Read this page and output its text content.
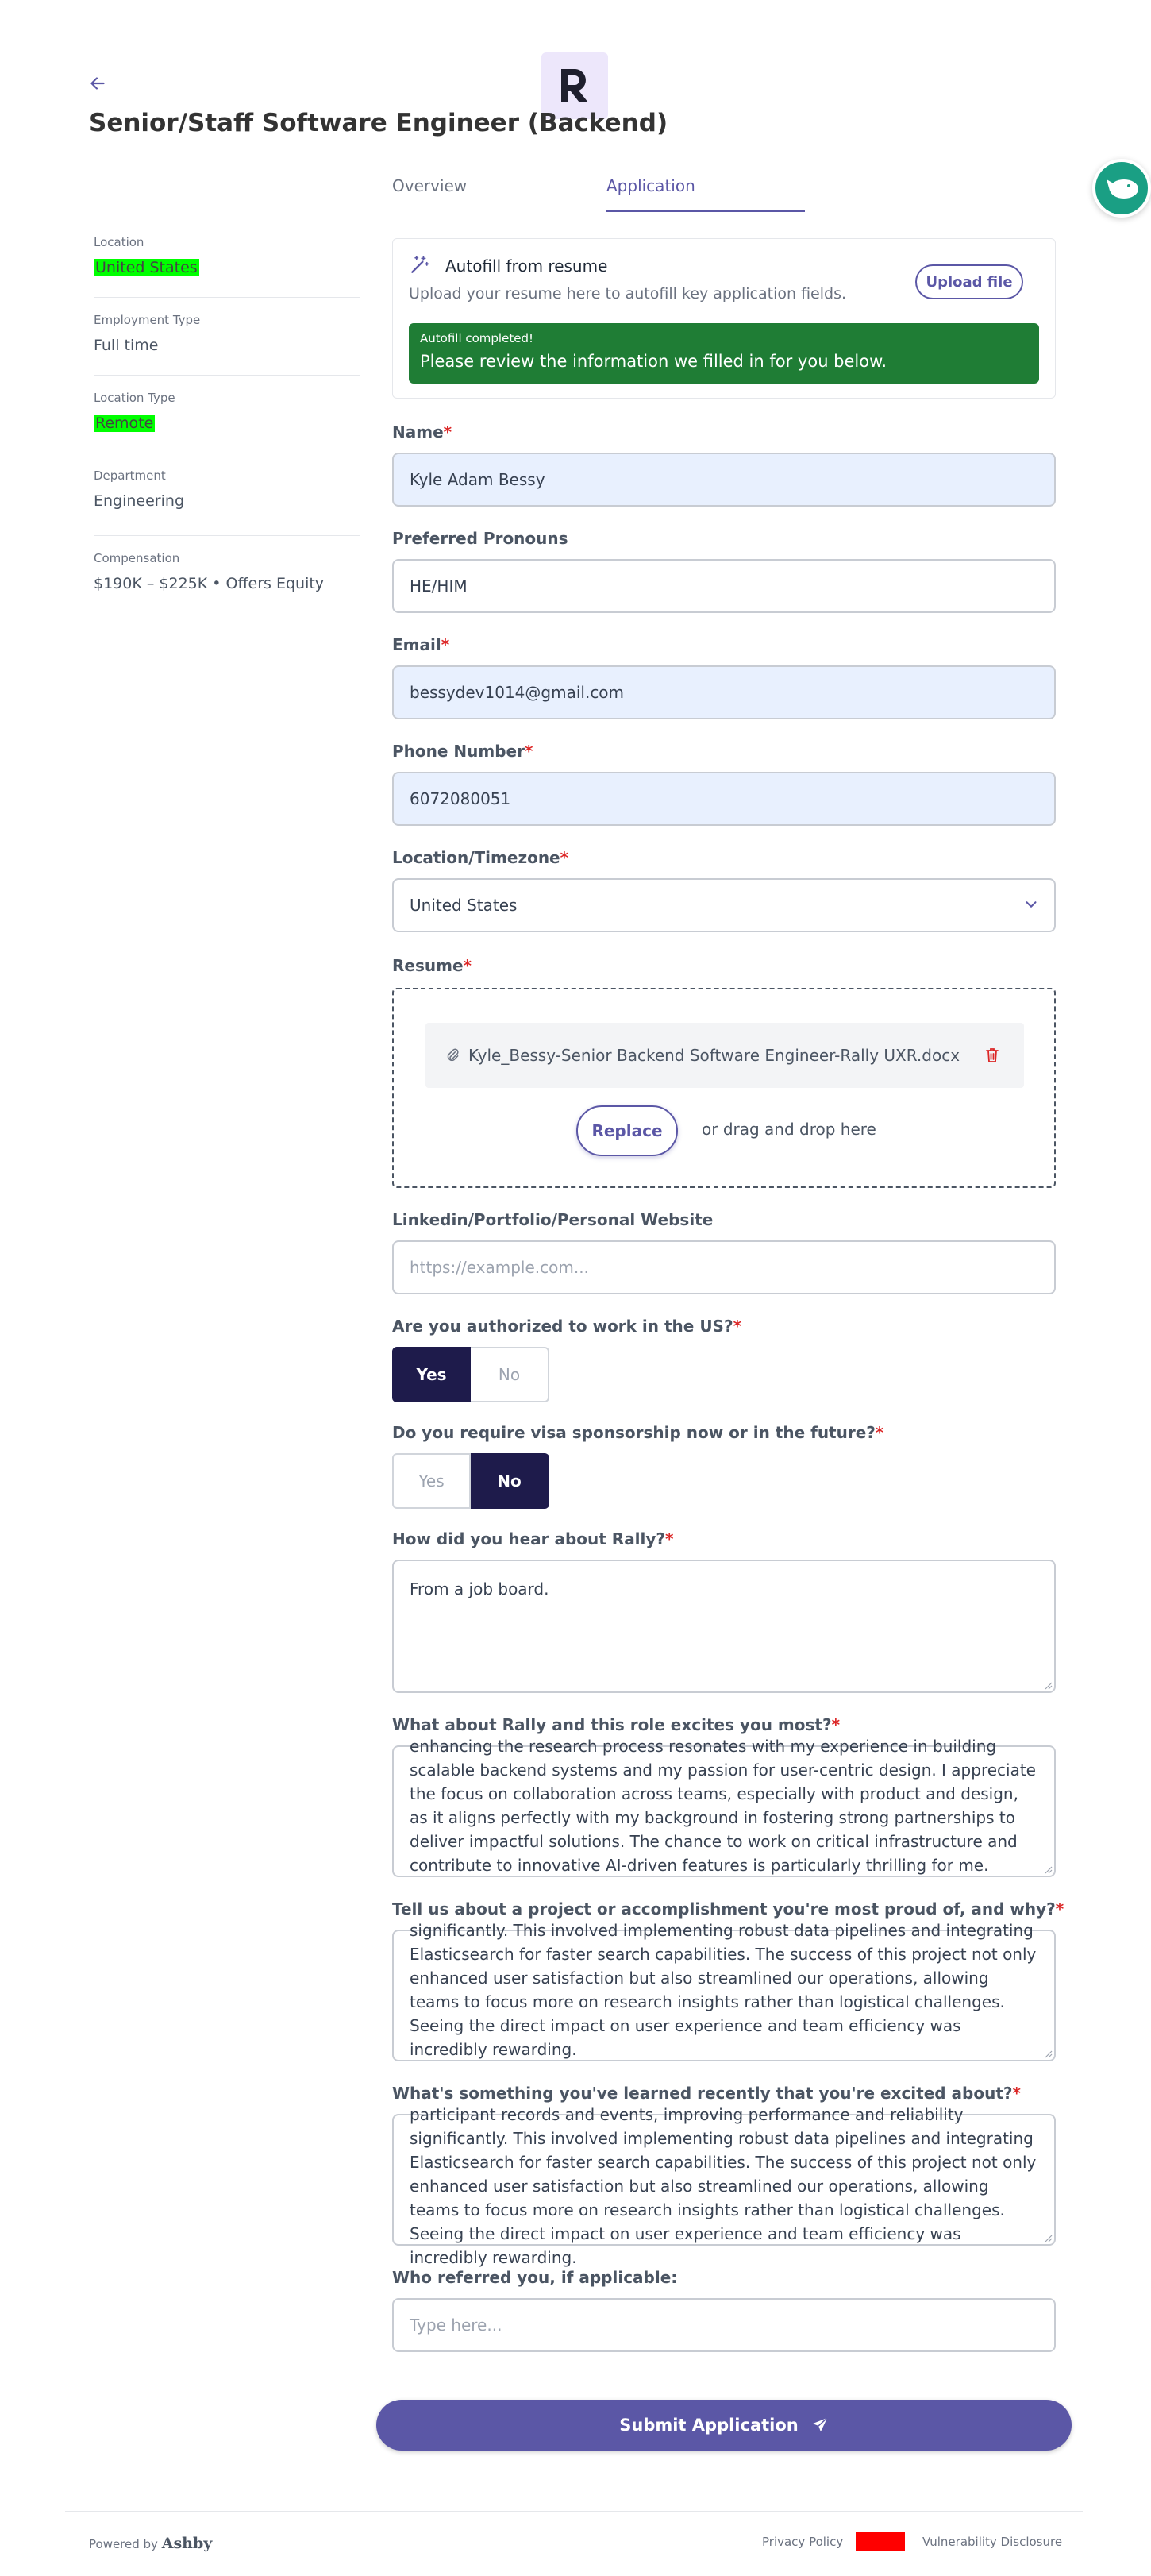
Senior/Staff Software Engineer (Backend)
Overview	Application
Location
United States
Employment Type
Full time
Location Type
Remote
Department
Engineering
Compensation
$190K – $225K • Offers Equity
Autofill from resume
Upload your resume here to autofill key application fields.
Upload file
Autofill completed!
Please review the information we filled in for you below.
Name*
Kyle Adam Bessy
Preferred Pronouns
HE/HIM
Email*
bessydev1014@gmail.com
Phone Number*
6072080051
Location/Timezone*
United States
Resume*
Kyle_Bessy-Senior Backend Software Engineer-Rally UXR.docx
Replace	or drag and drop here
Linkedin/Portfolio/Personal Website
https://example.com...
Are you authorized to work in the US?*
Yes	No
Do you require visa sponsorship now or in the future?*
Yes	No
How did you hear about Rally?*
From a job board.
What about Rally and this role excites you most?*
enhancing the research process resonates with my experience in building scalable backend systems and my passion for user-centric design. I appreciate the focus on collaboration across teams, especially with product and design, as it aligns perfectly with my background in fostering strong partnerships to deliver impactful solutions. The chance to work on critical infrastructure and contribute to innovative AI-driven features is particularly thrilling for me.
Tell us about a project or accomplishment you're most proud of, and why?*
significantly. This involved implementing robust data pipelines and integrating Elasticsearch for faster search capabilities. The success of this project not only enhanced user satisfaction but also streamlined our operations, allowing teams to focus more on research insights rather than logistical challenges. Seeing the direct impact on user experience and team efficiency was incredibly rewarding.
What's something you've learned recently that you're excited about?*
participant records and events, improving performance and reliability significantly. This involved implementing robust data pipelines and integrating Elasticsearch for faster search capabilities. The success of this project not only enhanced user satisfaction but also streamlined our operations, allowing teams to focus more on research insights rather than logistical challenges. Seeing the direct impact on user experience and team efficiency was incredibly rewarding.
Who referred you, if applicable:
Type here...
Submit Application
Powered by Ashby	Privacy Policy	Vulnerability Disclosure
